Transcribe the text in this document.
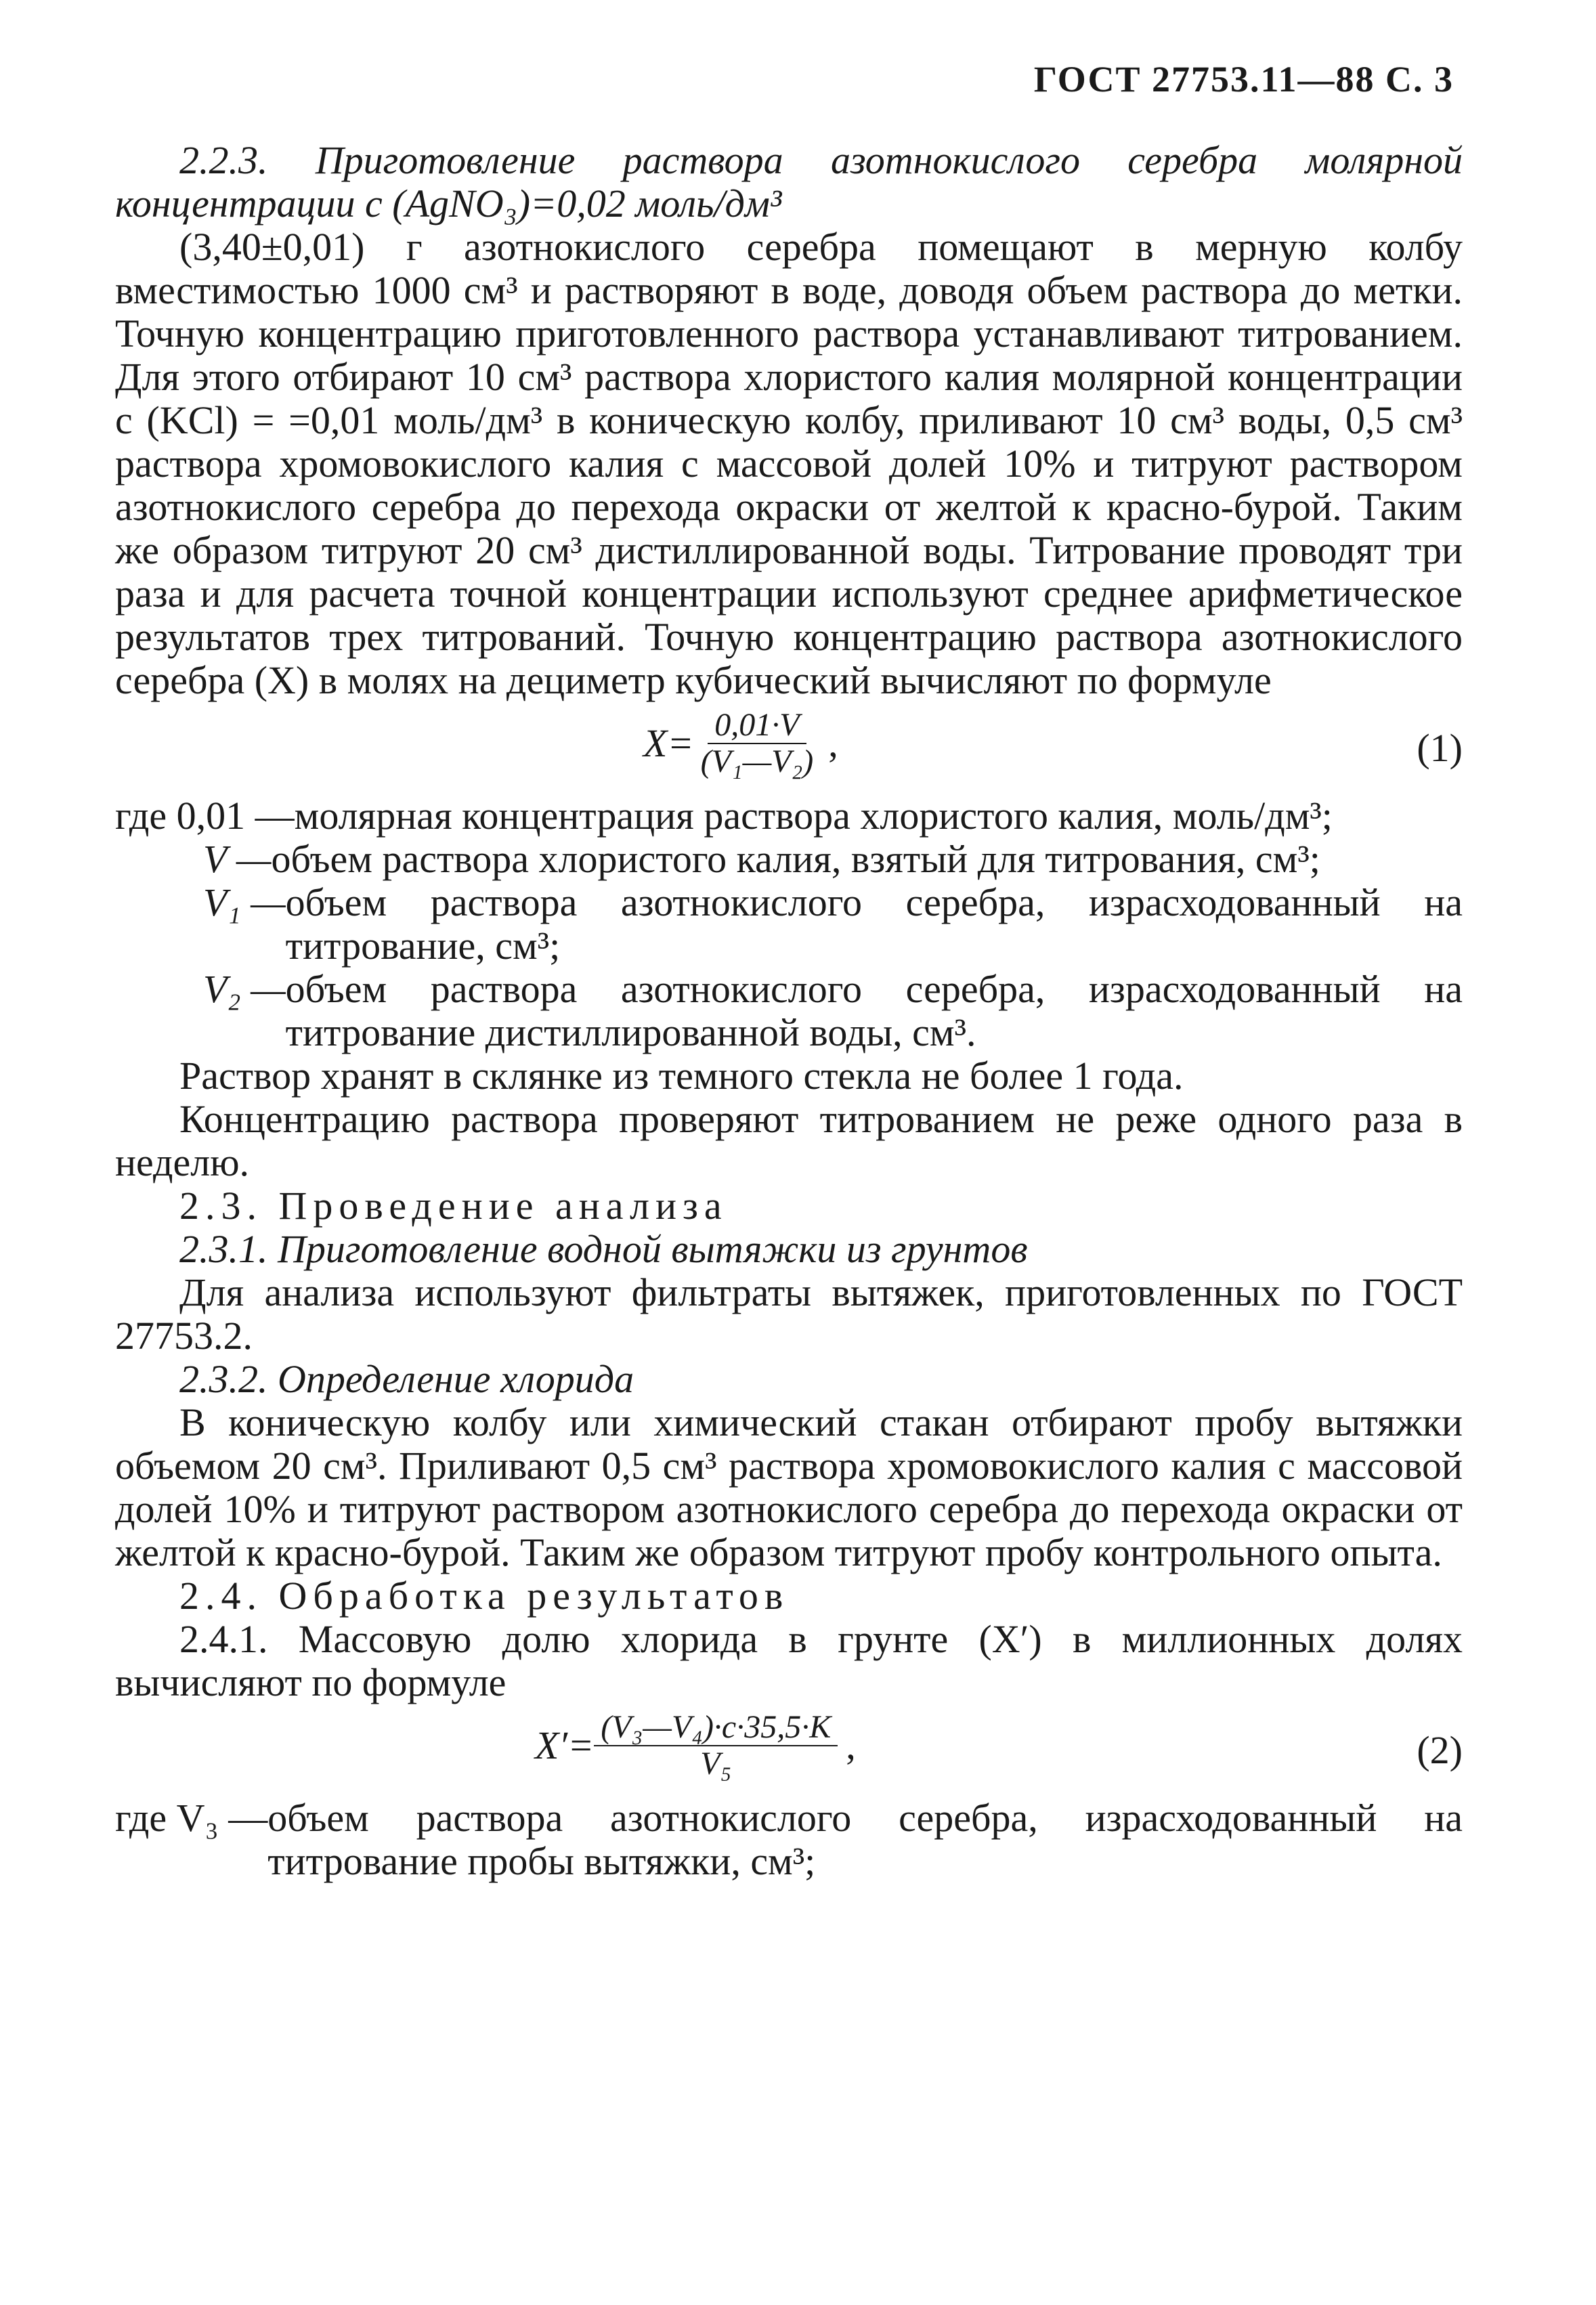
ГОСТ 27753.11—88 С. 3

2.2.3. Приготовление раствора азотнокислого серебра молярной концентрации с (AgNO₃)=0,02 моль/дм³

(3,40±0,01) г азотнокислого серебра помещают в мерную колбу вместимостью 1000 см³ и растворяют в воде, доводя объем раствора до метки. Точную концентрацию приготовленного раствора устанавливают титрованием. Для этого отбирают 10 см³ раствора хлористого калия молярной концентрации с (KCl) = =0,01 моль/дм³ в коническую колбу, приливают 10 см³ воды, 0,5 см³ раствора хромовокислого калия с массовой долей 10% и титруют раствором азотнокислого серебра до перехода окраски от желтой к красно-бурой. Таким же образом титруют 20 см³ дистиллированной воды. Титрование проводят три раза и для расчета точной концентрации используют среднее арифметическое результатов трех титрований. Точную концентрацию раствора азотнокислого серебра (X) в молях на дециметр кубический вычисляют по формуле

$X= \frac{0,01\cdot V}{\text{(V₁—V₂)}}$ ,	(1)
где 0,01 — молярная концентрация раствора хлористого калия, моль/дм³;
V — объем раствора хлористого калия, взятый для титрования, см³;
V₁ — объем раствора азотнокислого серебра, израсходованный на титрование, см³;
V₂ — объем раствора азотнокислого серебра, израсходованный на титрование дистиллированной воды, см³.

Раствор хранят в склянке из темного стекла не более 1 года.

Концентрацию раствора проверяют титрованием не реже одного раза в неделю.

2.3. Проведение анализа

2.3.1. Приготовление водной вытяжки из грунтов

Для анализа используют фильтраты вытяжек, приготовленных по ГОСТ 27753.2.

2.3.2. Определение хлорида

В коническую колбу или химический стакан отбирают пробу вытяжки объемом 20 см³. Приливают 0,5 см³ раствора хромовокислого калия с массовой долей 10% и титруют раствором азотнокислого серебра до перехода окраски от желтой к красно-бурой. Таким же образом титруют пробу контрольного опыта.

2.4. Обработка результатов

2.4.1. Массовую долю хлорида в грунте (X′) в миллионных долях вычисляют по формуле

$X'= \frac{\text{(V₃—V₄)·c·35,5·K}}{\text{V₅}}$ ,	(2)
где V₃ — объем раствора азотнокислого серебра, израсходованный на титрование пробы вытяжки, см³;
